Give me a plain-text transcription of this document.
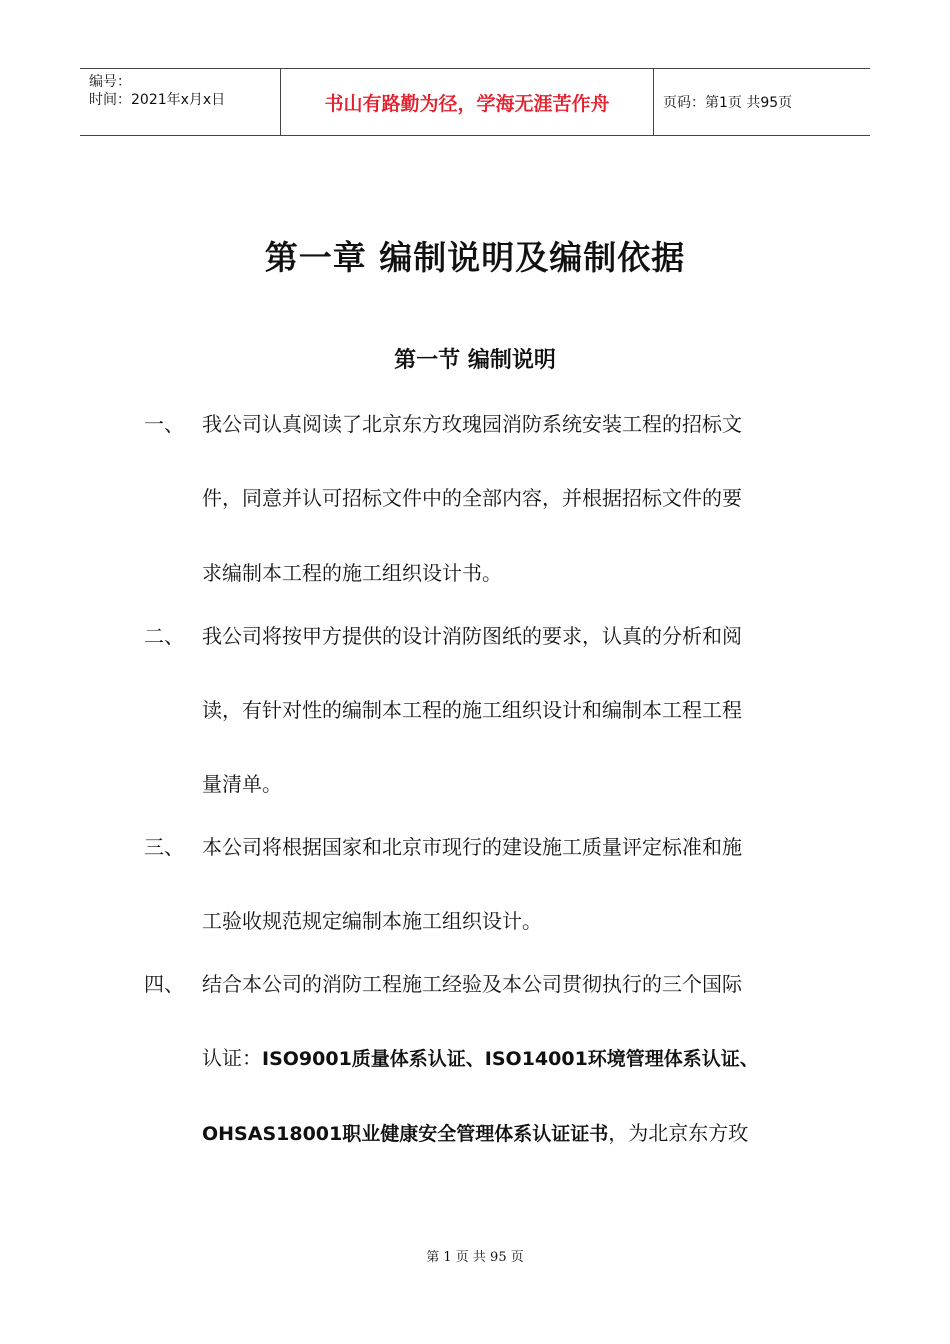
编号：
时间：2021年x月x日	书山有路勤为径，学海无涯苦作舟	页码：第1页 共95页
第一章 编制说明及编制依据
第一节 编制说明
一、 我公司认真阅读了北京东方玫瑰园消防系统安装工程的招标文
件，同意并认可招标文件中的全部内容，并根据招标文件的要
求编制本工程的施工组织设计书。
二、 我公司将按甲方提供的设计消防图纸的要求，认真的分析和阅
读，有针对性的编制本工程的施工组织设计和编制本工程工程
量清单。
三、 本公司将根据国家和北京市现行的建设施工质量评定标准和施
工验收规范规定编制本施工组织设计。
四、 结合本公司的消防工程施工经验及本公司贯彻执行的三个国际
认证：ISO9001质量体系认证、ISO14001环境管理体系认证、
OHSAS18001职业健康安全管理体系认证证书，为北京东方玫
第 1 页 共 95 页
